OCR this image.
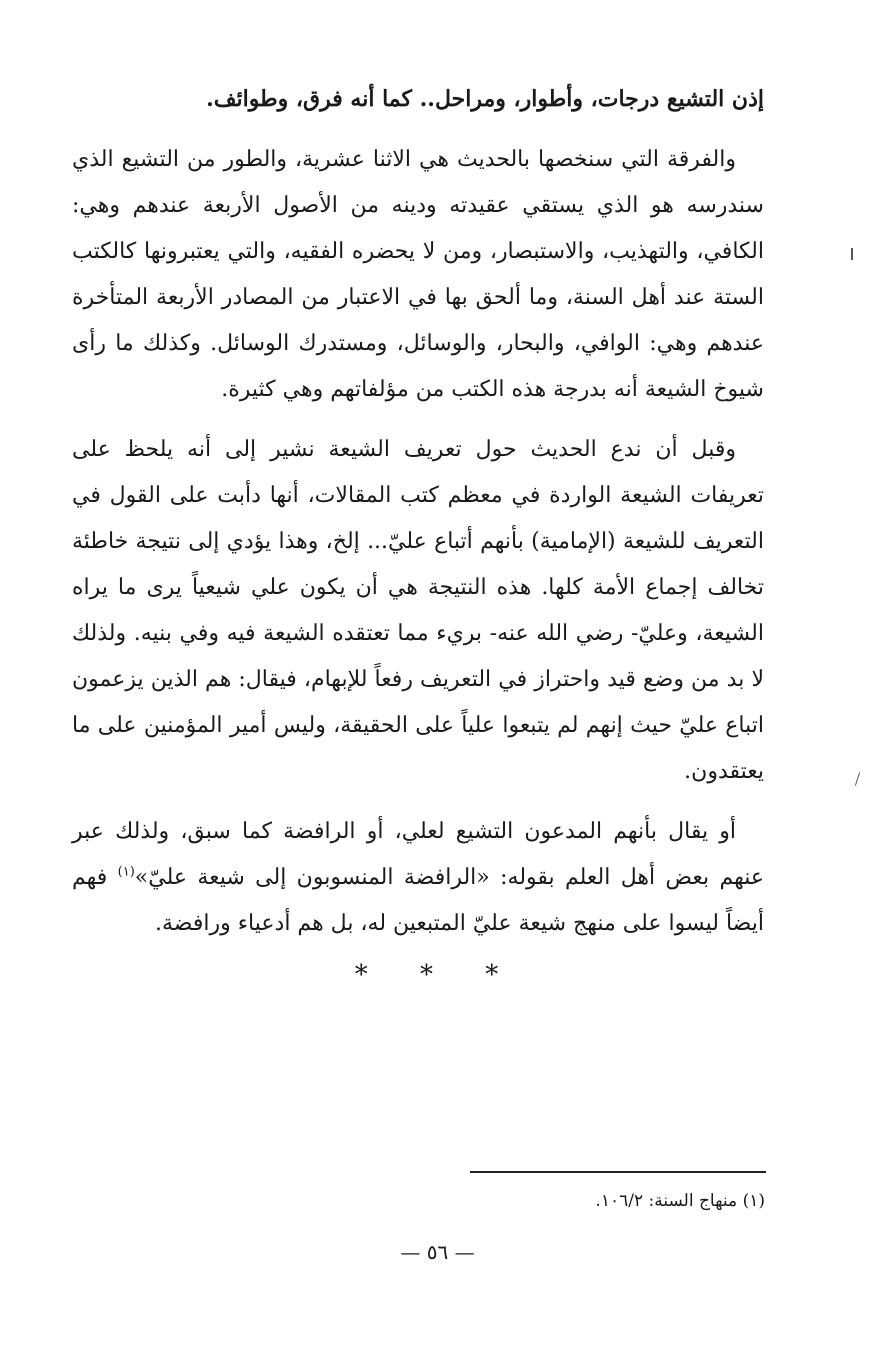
إذن التشيع درجات، وأطوار، ومراحل.. كما أنه فرق، وطوائف.

والفرقة التي سنخصها بالحديث هي الاثنا عشرية، والطور من التشيع الذي سندرسه هو الذي يستقي عقيدته ودينه من الأصول الأربعة عندهم وهي: الكافي، والتهذيب، والاستبصار، ومن لا يحضره الفقيه، والتي يعتبرونها كالكتب الستة عند أهل السنة، وما ألحق بها في الاعتبار من المصادر الأربعة المتأخرة عندهم وهي: الوافي، والبحار، والوسائل، ومستدرك الوسائل. وكذلك ما رأى شيوخ الشيعة أنه بدرجة هذه الكتب من مؤلفاتهم وهي كثيرة.

وقبل أن ندع الحديث حول تعريف الشيعة نشير إلى أنه يلحظ على تعريفات الشيعة الواردة في معظم كتب المقالات، أنها دأبت على القول في التعريف للشيعة (الإمامية) بأنهم أتباع عليّ... إلخ، وهذا يؤدي إلى نتيجة خاطئة تخالف إجماع الأمة كلها. هذه النتيجة هي أن يكون علي شيعياً يرى ما يراه الشيعة، وعليّ- رضي الله عنه- بريء مما تعتقده الشيعة فيه وفي بنيه. ولذلك لا بد من وضع قيد واحتراز في التعريف رفعاً للإبهام، فيقال: هم الذين يزعمون اتباع عليّ حيث إنهم لم يتبعوا علياً على الحقيقة، وليس أمير المؤمنين على ما يعتقدون.

أو يقال بأنهم المدعون التشيع لعلي، أو الرافضة كما سبق، ولذلك عبر عنهم بعض أهل العلم بقوله: «الرافضة المنسوبون إلى شيعة عليّ»$^{(١)}$ فهم أيضاً ليسوا على منهج شيعة عليّ المتبعين له، بل هم أدعياء ورافضة.

* * *
(١) منهاج السنة: ١٠٦/٢.
— ٥٦ —
